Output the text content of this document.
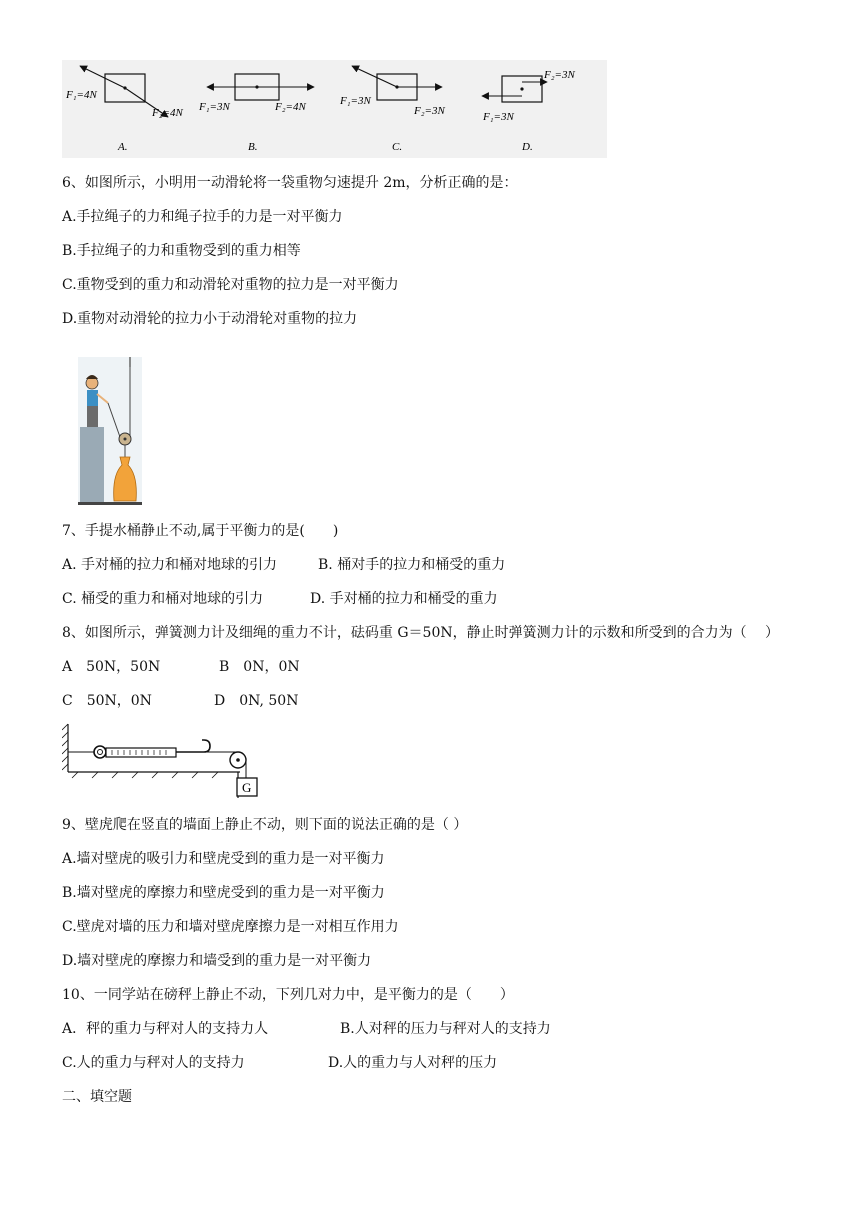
F₁=4N
F₂=4N
A.
F₁=3N	F₂=4N
B.
F₁=3N
F₂=3N
C.
F₂=3N
F₁=3N
D.
6、如图所示，小明用一动滑轮将一袋重物匀速提升 2m，分析正确的是：
A.手拉绳子的力和绳子拉手的力是一对平衡力
B.手拉绳子的力和重物受到的重力相等
C.重物受到的重力和动滑轮对重物的拉力是一对平衡力
D.重物对动滑轮的拉力小于动滑轮对重物的拉力
7、手提水桶静止不动,属于平衡力的是(　　)
A. 手对桶的拉力和桶对地球的引力	B. 桶对手的拉力和桶受的重力
C. 桶受的重力和桶对地球的引力	D. 手对桶的拉力和桶受的重力
8、如图所示，弹簧测力计及细绳的重力不计，砝码重 G＝50N，静止时弹簧测力计的示数和所受到的合力为（　 ）
A　50N，50N	B　0N，0N
C　50N，0N	D　0N, 50N
G
9、壁虎爬在竖直的墙面上静止不动，则下面的说法正确的是（ ）
A.墙对壁虎的吸引力和壁虎受到的重力是一对平衡力
B.墙对壁虎的摩擦力和壁虎受到的重力是一对平衡力
C.壁虎对墙的压力和墙对壁虎摩擦力是一对相互作用力
D.墙对壁虎的摩擦力和墙受到的重力是一对平衡力
10、一同学站在磅秤上静止不动，下列几对力中，是平衡力的是（　　）
A．秤的重力与秤对人的支持力人	B.人对秤的压力与秤对人的支持力
C.人的重力与秤对人的支持力	D.人的重力与人对秤的压力
二、填空题
